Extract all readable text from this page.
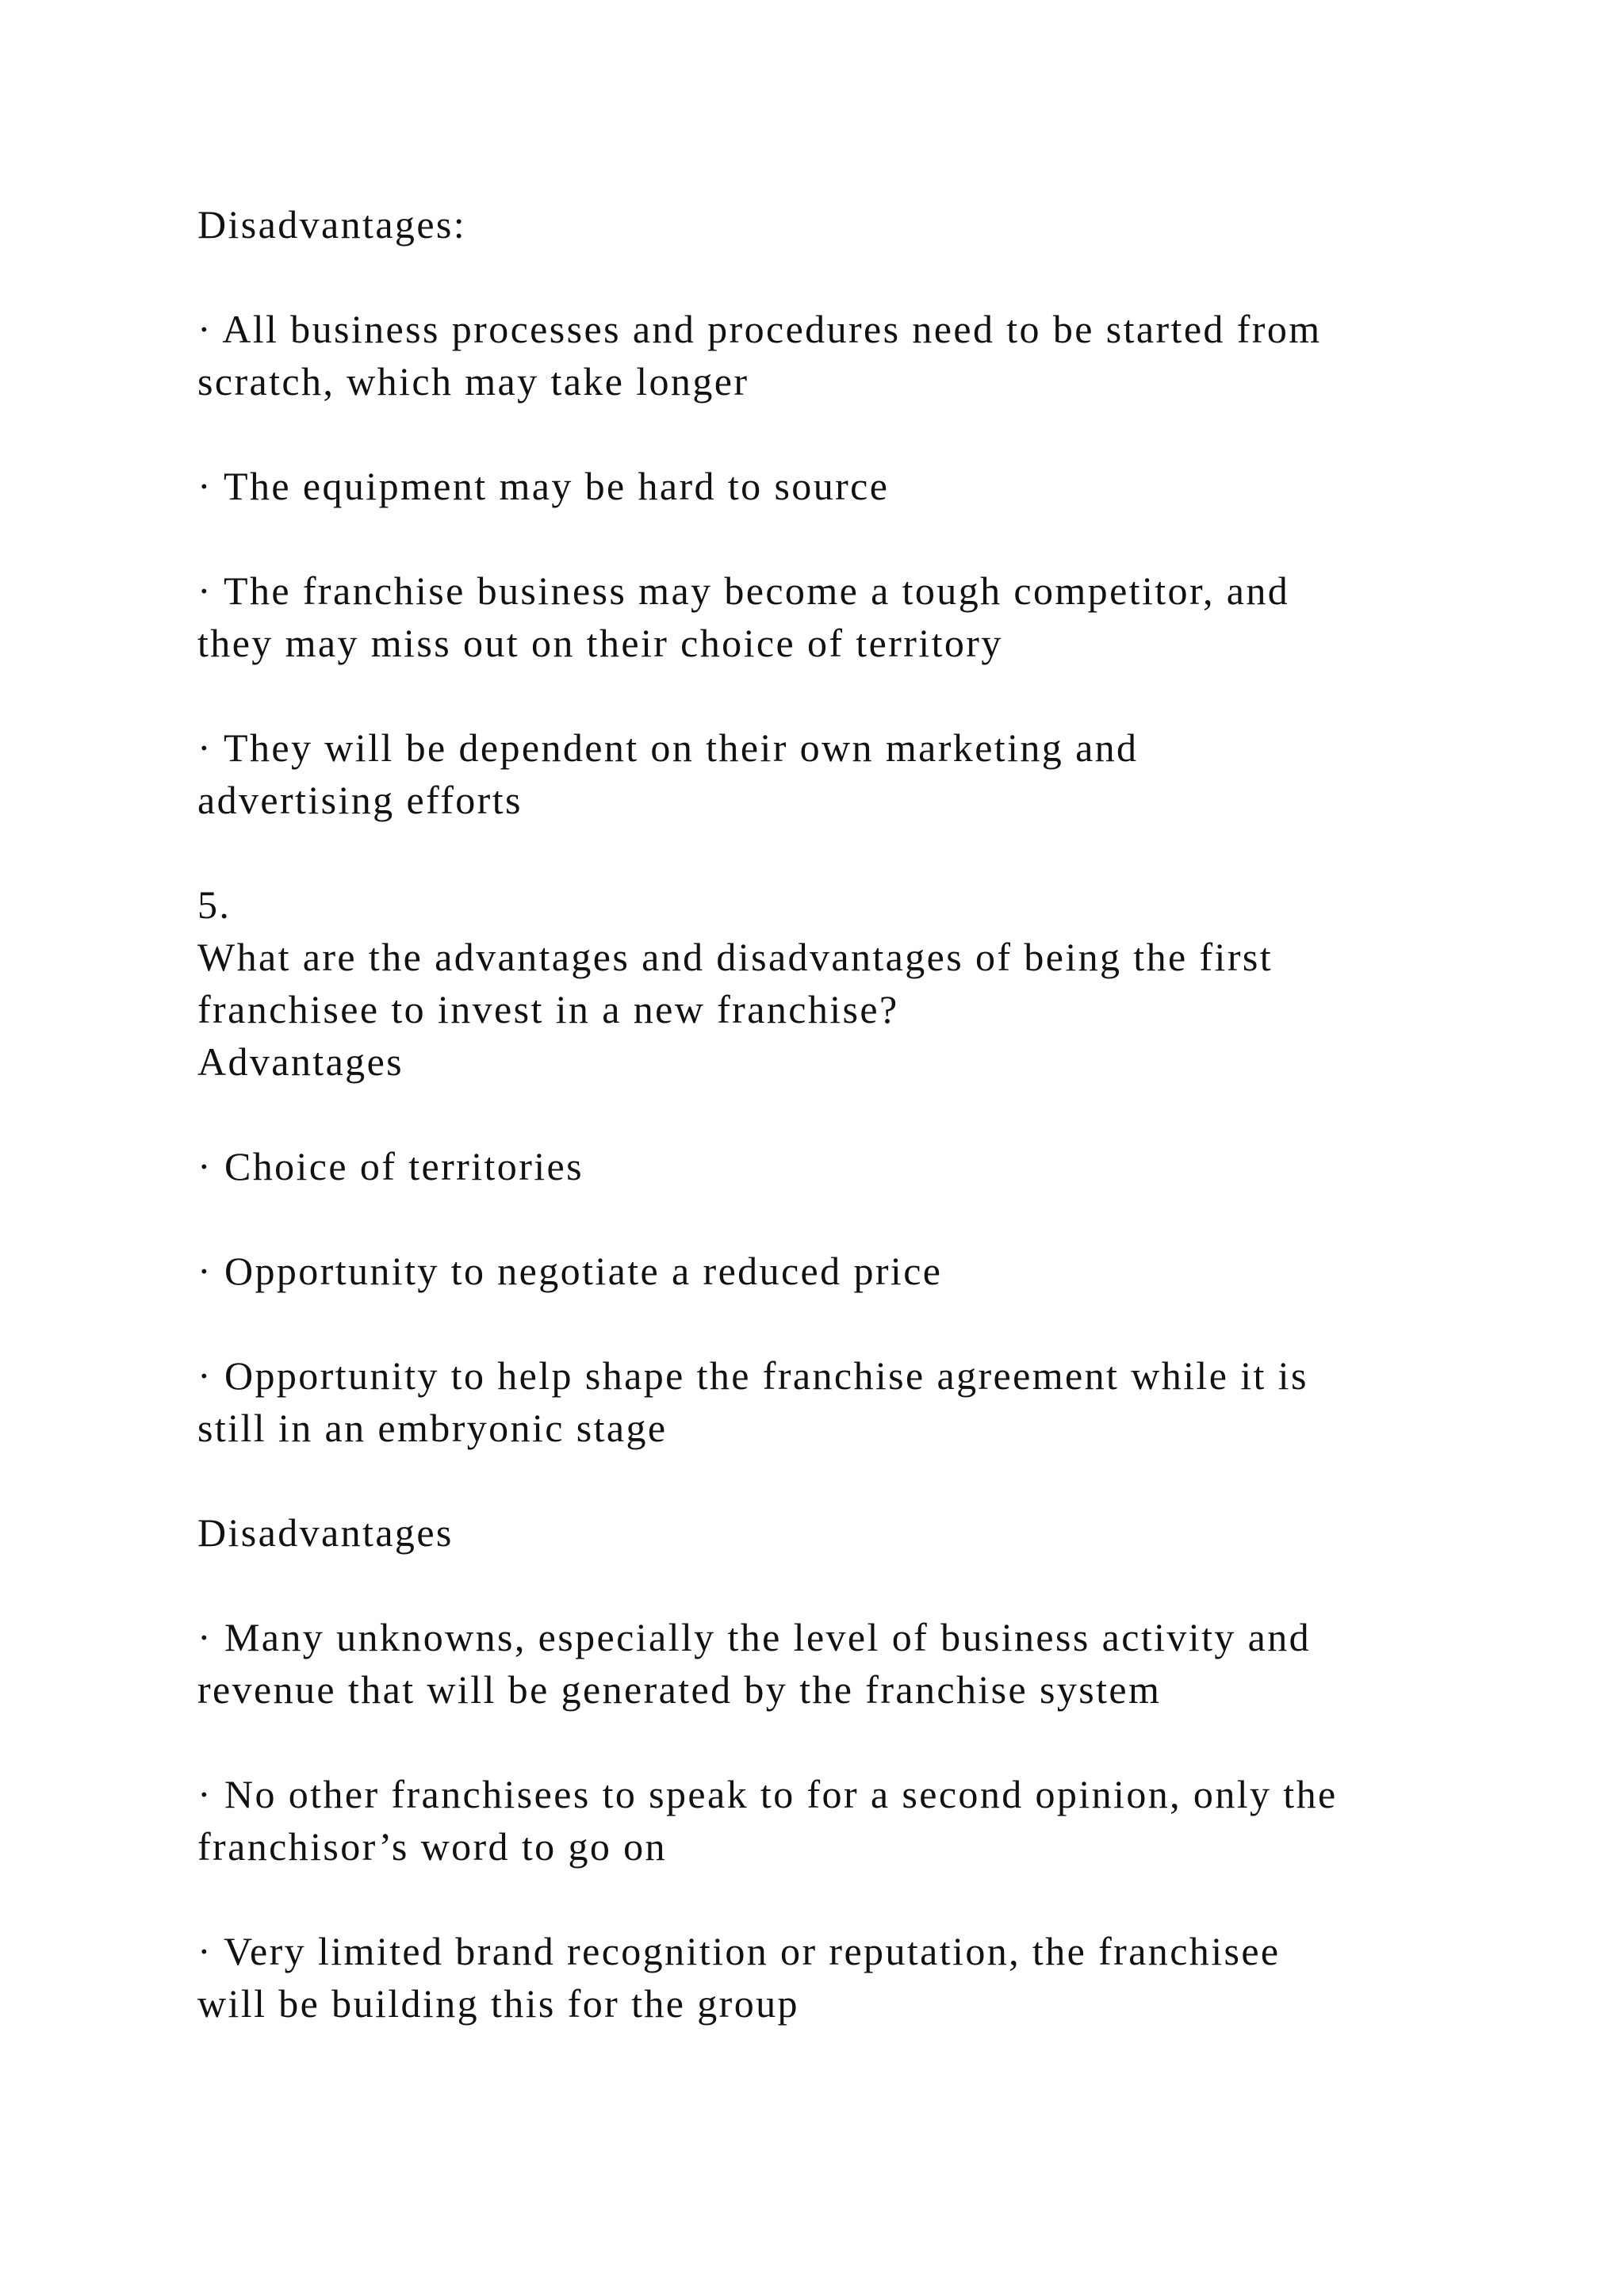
Disadvantages:
· All business processes and procedures need to be started from
scratch, which may take longer
· The equipment may be hard to source
· The franchise business may become a tough competitor, and
they may miss out on their choice of territory
· They will be dependent on their own marketing and
advertising efforts
5.
What are the advantages and disadvantages of being the first
franchisee to invest in a new franchise?
Advantages
· Choice of territories
· Opportunity to negotiate a reduced price
· Opportunity to help shape the franchise agreement while it is
still in an embryonic stage
Disadvantages
· Many unknowns, especially the level of business activity and
revenue that will be generated by the franchise system
· No other franchisees to speak to for a second opinion, only the
franchisor’s word to go on
· Very limited brand recognition or reputation, the franchisee
will be building this for the group
